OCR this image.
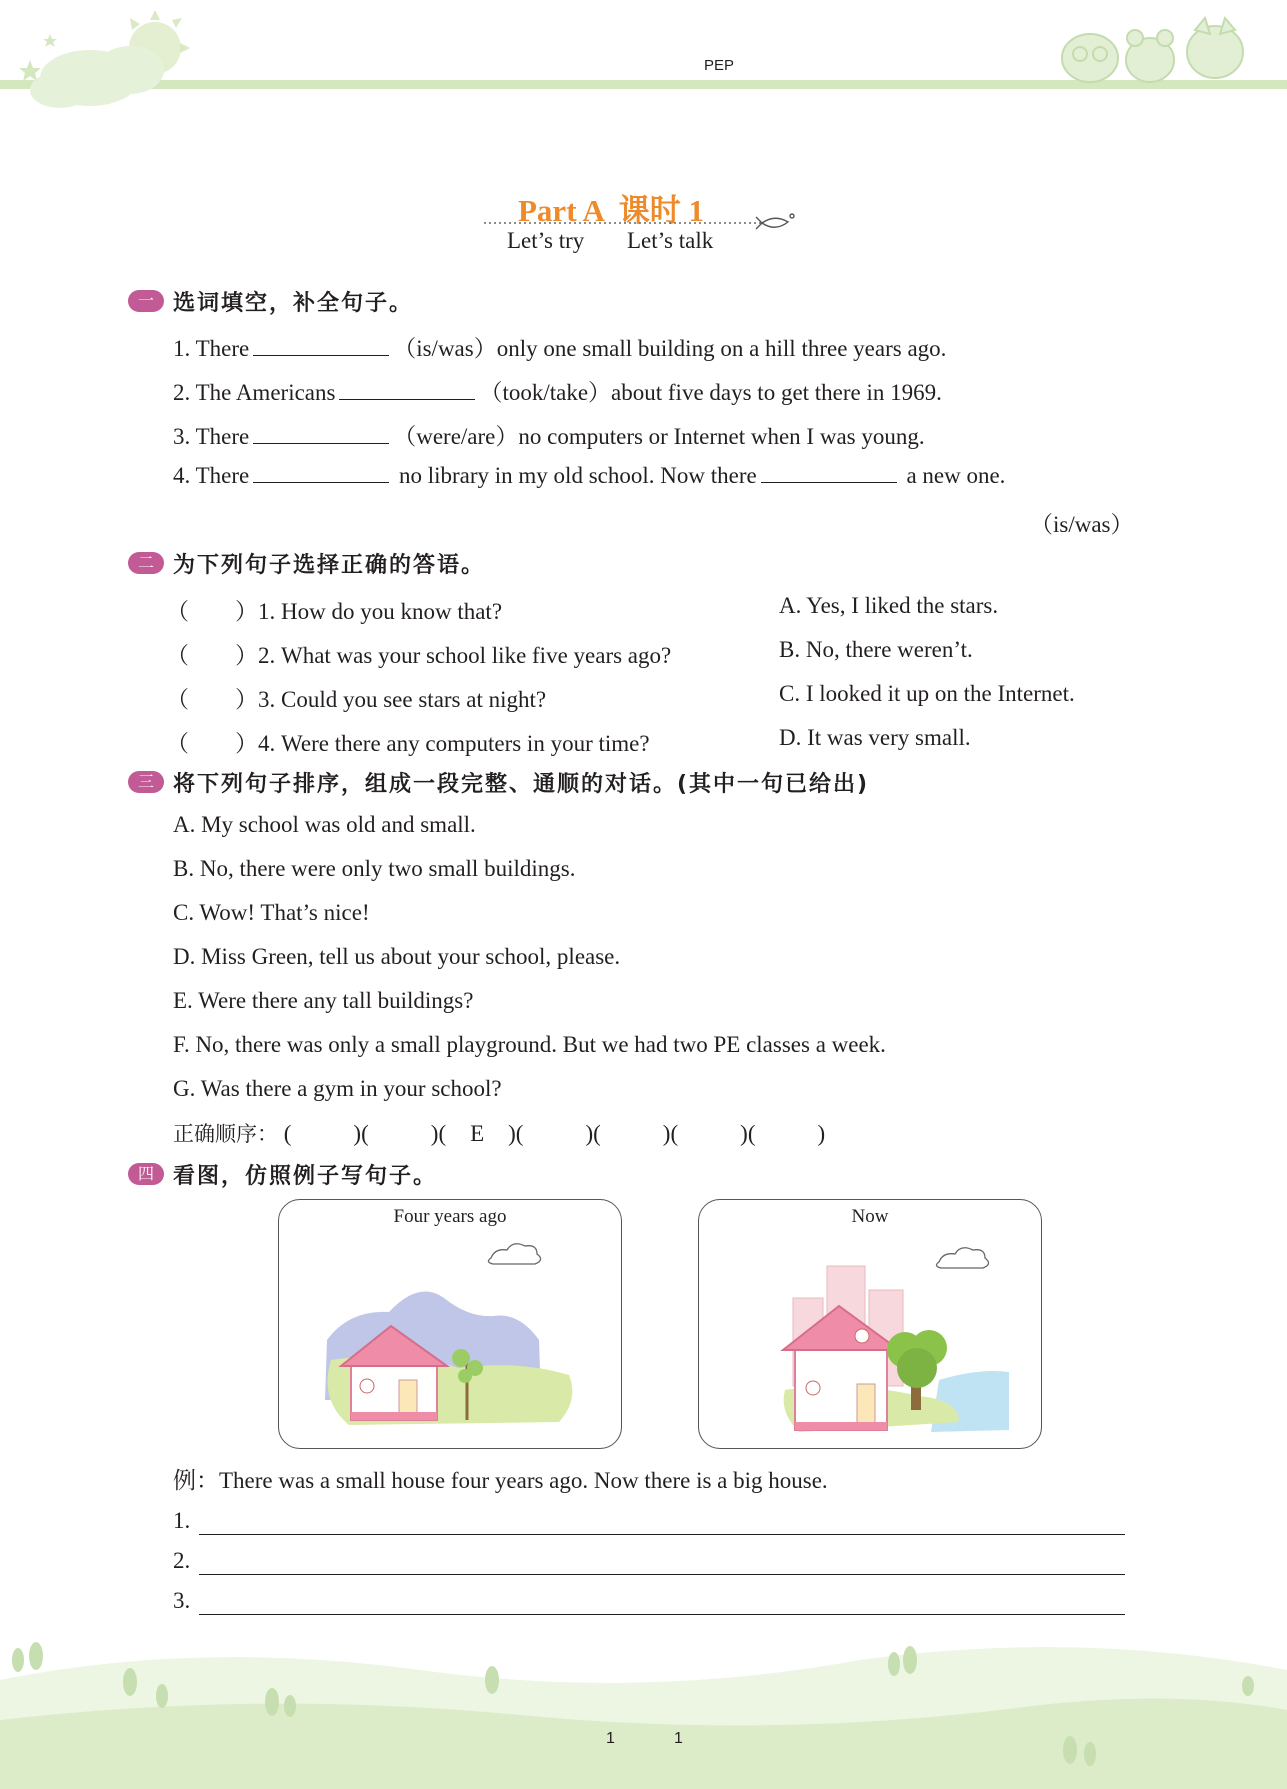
PEP
Part A  课时 1
Let’s try Let’s talk
一 选词填空，补全句子。
1. There	（is/was）only one small building on a hill three years ago.
2. The Americans	（took/take）about five days to get there in 1969.
3. There	（were/are）no computers or Internet when I was young.
4. There	no library in my old school. Now there	a new one.
（is/was）
二 为下列句子选择正确的答语。
（　　）1. How do you know that?
（　　）2. What was your school like five years ago?
（　　）3. Could you see stars at night?
（　　）4. Were there any computers in your time?
A. Yes, I liked the stars.
B. No, there weren’t.
C. I looked it up on the Internet.
D. It was very small.
三 将下列句子排序，组成一段完整、通顺的对话。(其中一句已给出)
A. My school was old and small.
B. No, there were only two small buildings.
C. Wow! That’s nice!
D. Miss Green, tell us about your school, please.
E. Were there any tall buildings?
F. No, there was only a small playground. But we had two PE classes a week.
G. Was there a gym in your school?
正确顺序： (	)(	)( E )(	)(	)(	)(	)
四 看图，仿照例子写句子。
Four years ago	Now
例：There was a small house four years ago. Now there is a big house.
1.
2.
3.
1	1
